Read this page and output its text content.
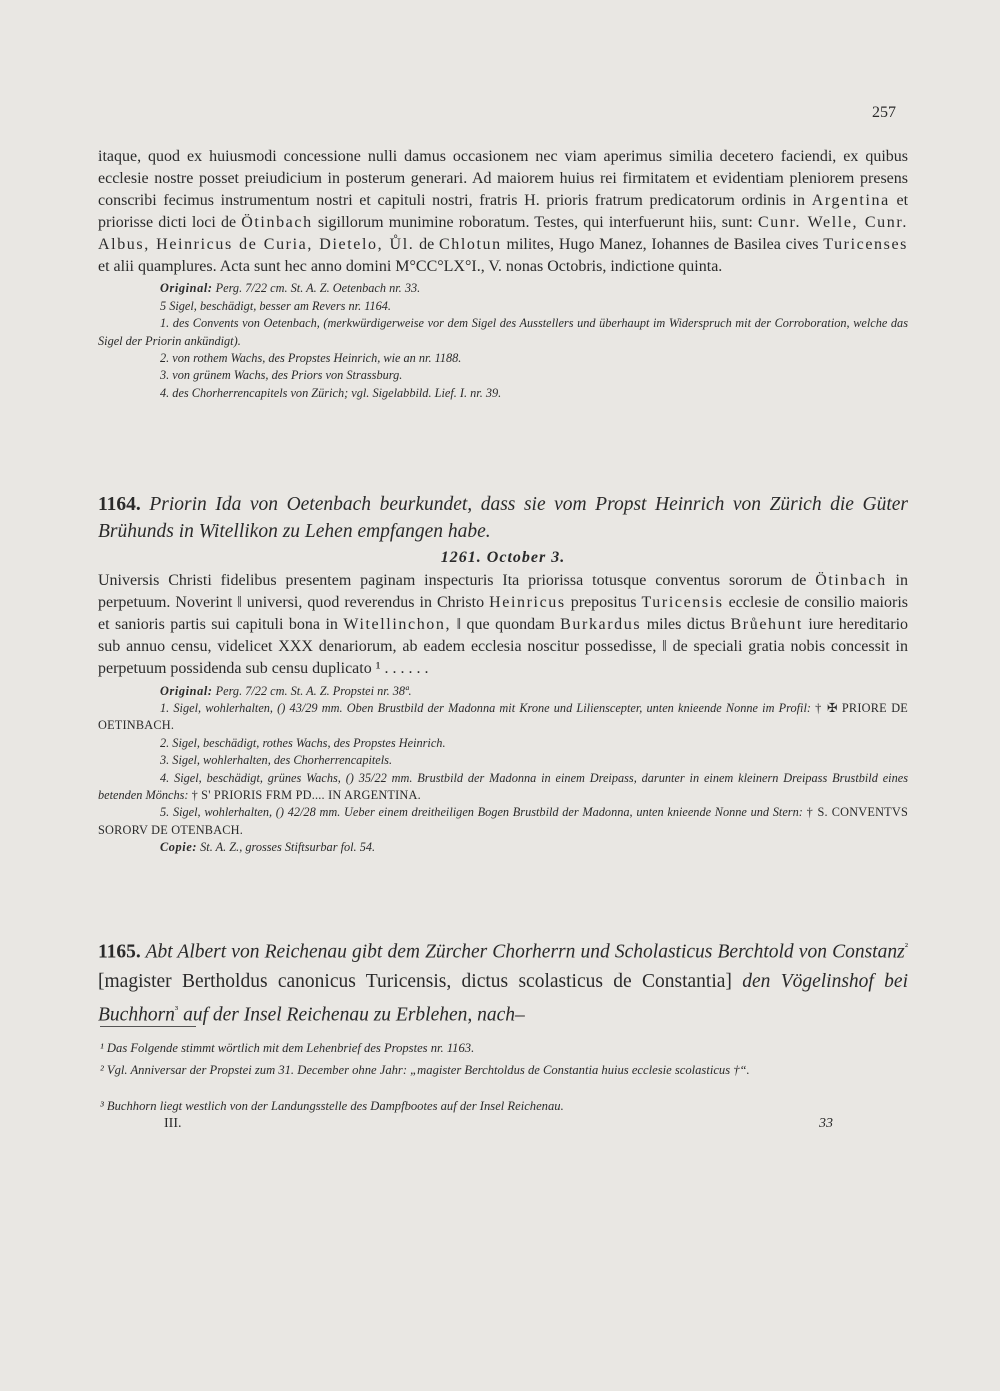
257

itaque, quod ex huiusmodi concessione nulli damus occasionem nec viam aperimus similia decetero faciendi, ex quibus ecclesie nostre posset preiudicium in posterum generari. Ad maiorem huius rei firmitatem et evidentiam pleniorem presens conscribi fecimus instrumentum nostri et capituli nostri, fratris H. prioris fratrum predicatorum ordinis in Argentina et priorisse dicti loci de Ötinbach sigillorum munimine roboratum. Testes, qui interfuerunt hiis, sunt: Cunr. Welle, Cunr. Albus, Heinricus de Curia, Dietelo, Ůl. de Chlotun milites, Hugo Manez, Iohannes de Basilea cives Turicenses et alii quamplures. Acta sunt hec anno domini M°CC°LX°I., V. nonas Octobris, indictione quinta.

Original: Perg. 7/22 cm. St. A. Z. Oetenbach nr. 33.
5 Sigel, beschädigt, besser am Revers nr. 1164.
1. des Convents von Oetenbach, (merkwürdigerweise vor dem Sigel des Ausstellers und überhaupt im Widerspruch mit der Corroboration, welche das Sigel der Priorin ankündigt).
2. von rothem Wachs, des Propstes Heinrich, wie an nr. 1188.
3. von grünem Wachs, des Priors von Strassburg.
4. des Chorherrencapitels von Zürich; vgl. Sigelabbild. Lief. I. nr. 39.

1164. Priorin Ida von Oetenbach beurkundet, dass sie vom Propst Heinrich von Zürich die Güter Brühunds in Witellikon zu Lehen empfangen habe.

1261. October 3.

Universis Christi fidelibus presentem paginam inspecturis Ita priorissa totusque conventus sororum de Ötinbach in perpetuum. Noverint ‖ universi, quod reverendus in Christo Heinricus prepositus Turicensis ecclesie de consilio maioris et sanioris partis sui capituli bona in Witellinchon, ‖ que quondam Burkardus miles dictus Brůehunt iure hereditario sub annuo censu, videlicet XXX denariorum, ab eadem ecclesia noscitur possedisse, ‖ de speciali gratia nobis concessit in perpetuum possidenda sub censu duplicato ¹ . . . . . .

Original: Perg. 7/22 cm. St. A. Z. Propstei nr. 38ª.
1. Sigel, wohlerhalten, () 43/29 mm. Oben Brustbild der Madonna mit Krone und Lilienscepter, unten knieende Nonne im Profil: † ✠ PRIORE DE OETINBACH.
2. Sigel, beschädigt, rothes Wachs, des Propstes Heinrich.
3. Sigel, wohlerhalten, des Chorherrencapitels.
4. Sigel, beschädigt, grünes Wachs, () 35/22 mm. Brustbild der Madonna in einem Dreipass, darunter in einem kleinern Dreipass Brustbild eines betenden Mönchs: † S' PRIORIS FRM PD.... IN ARGENTINA.
5. Sigel, wohlerhalten, () 42/28 mm. Ueber einem dreitheiligen Bogen Brustbild der Madonna, unten knieende Nonne und Stern: † S. CONVENTVS SORORV DE OTENBACH.
Copie: St. A. Z., grosses Stiftsurbar fol. 54.

1165. Abt Albert von Reichenau gibt dem Zürcher Chorherrn und Scholasticus Berchtold von Constanz$^{^2}$ [magister Bertholdus canonicus Turicensis, dictus scolasticus de Constantia] den Vögelinshof bei Buchhorn$^{^3}$ auf der Insel Reichenau zu Erblehen, nach–

¹ Das Folgende stimmt wörtlich mit dem Lehenbrief des Propstes nr. 1163.
² Vgl. Anniversar der Propstei zum 31. December ohne Jahr: „magister Berchtoldus de Constantia huius ecclesie scolasticus †“.
³ Buchhorn liegt westlich von der Landungsstelle des Dampfbootes auf der Insel Reichenau.
III.	33
